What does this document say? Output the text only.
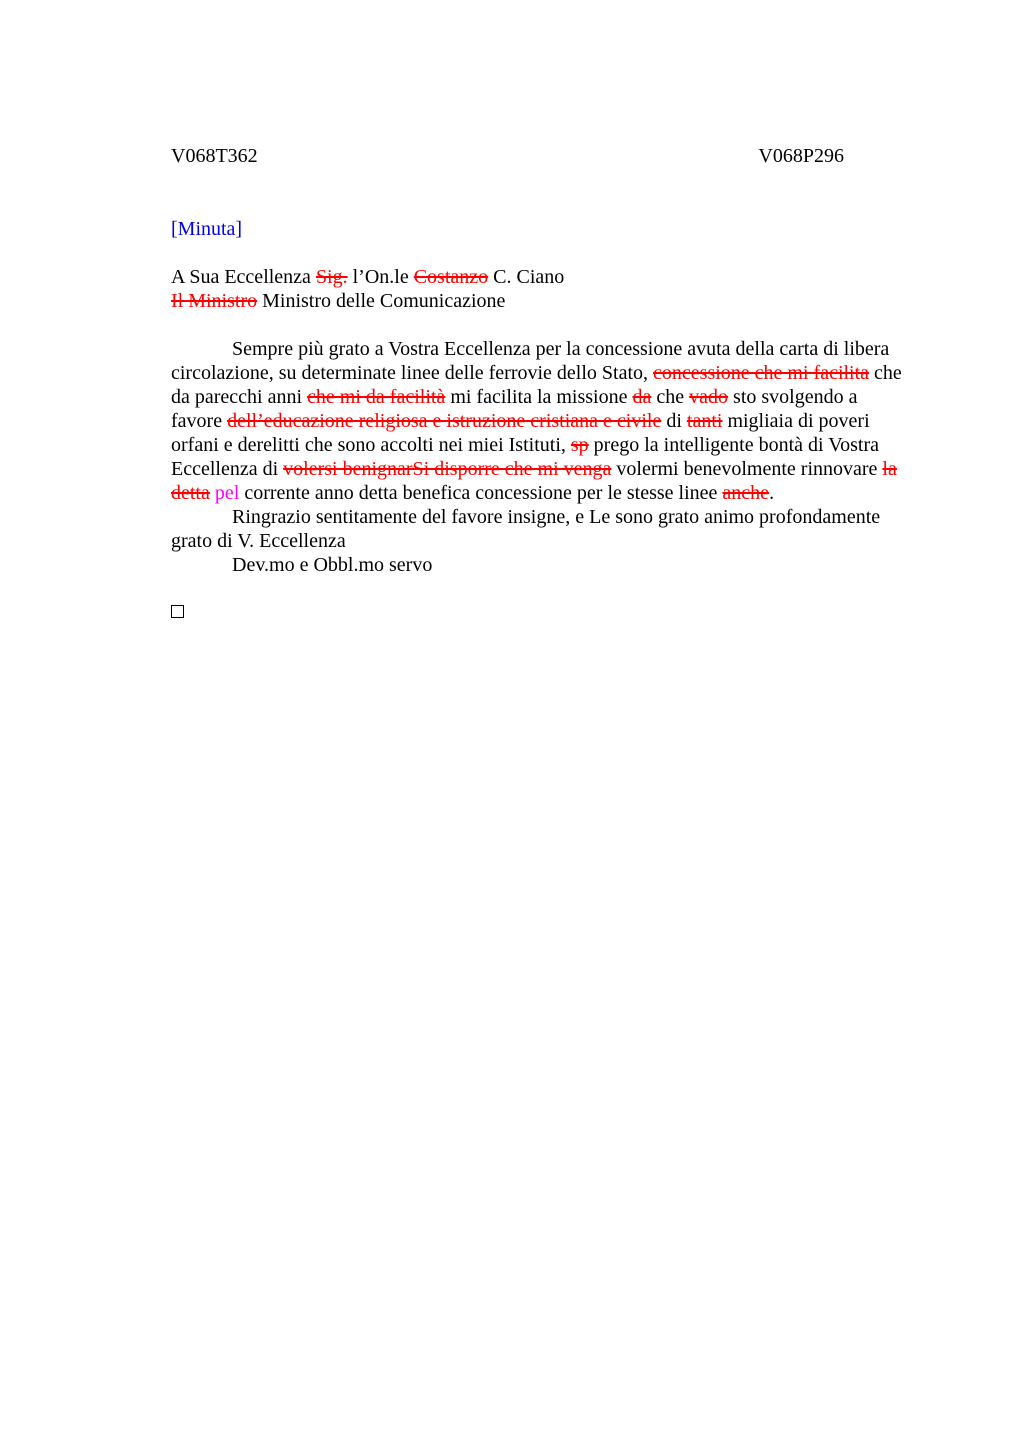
V068T362	V068P296
[Minuta]
A Sua Eccellenza Sig. l’On.le Costanzo C. Ciano
Il Ministro Ministro delle Comunicazione
Sempre più grato a Vostra Eccellenza per la concessione avuta della carta di libera
circolazione, su determinate linee delle ferrovie dello Stato, concessione che mi facilita che
da parecchi anni che mi da facilità mi facilita la missione da che vado sto svolgendo a
favore dell’educazione religiosa e istruzione cristiana e civile di tanti migliaia di poveri
orfani e derelitti che sono accolti nei miei Istituti, sp prego la intelligente bontà di Vostra
Eccellenza di volersi benignarSi disporre che mi venga volermi benevolmente rinnovare la
detta pel corrente anno detta benefica concessione per le stesse linee anche.
Ringrazio sentitamente del favore insigne, e Le sono grato animo profondamente
grato di V. Eccellenza
Dev.mo e Obbl.mo servo
